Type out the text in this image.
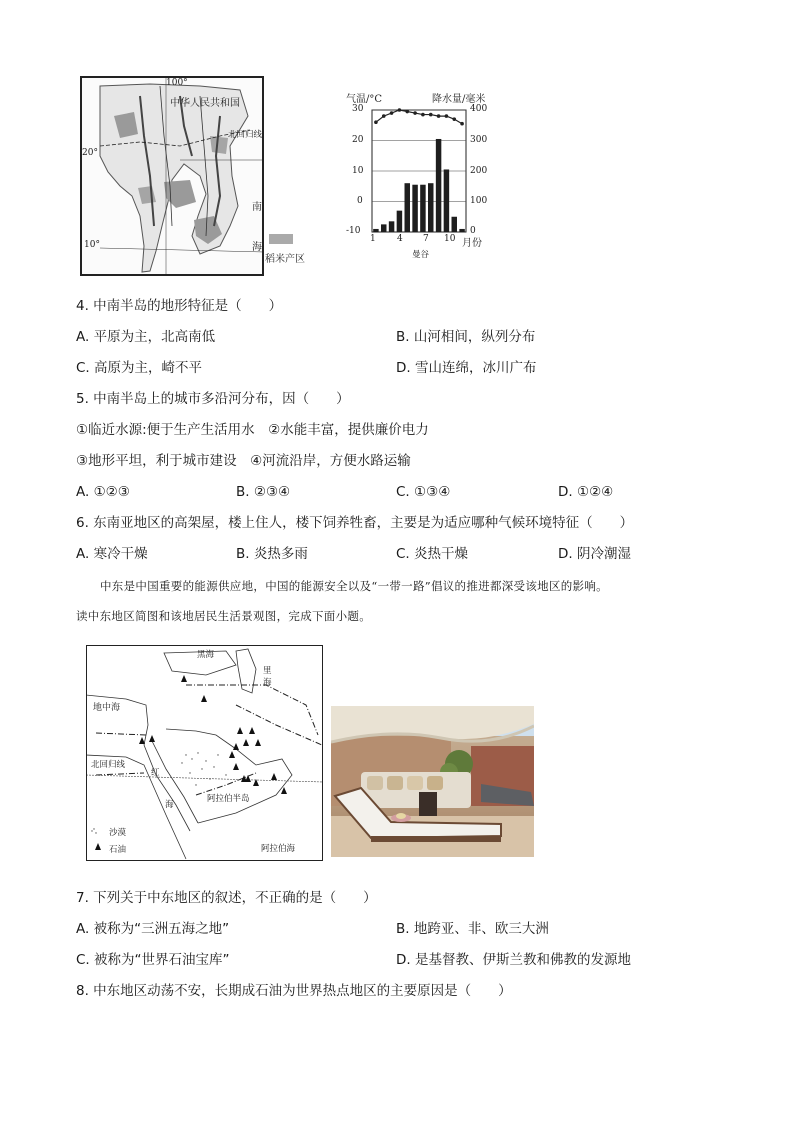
100°
20°
10°
中华人民共和国
北回归线
南
海
稻米产区
气温/°C	降水量/毫米
30
20
10
0
-10
400
300
200
100
0
1 4 7 10 月份
曼谷
4. 中南半岛的地形特征是（　　）
A. 平原为主，北高南低	B. 山河相间，纵列分布
C. 高原为主，崎不平	D. 雪山连绵，冰川广布
5. 中南半岛上的城市多沿河分布，因（　　）
①临近水源:便于生产生活用水　②水能丰富，提供廉价电力
③地形平坦，利于城市建设　④河流沿岸，方便水路运输
A. ①②③	B. ②③④	C. ①③④	D. ①②④
6. 东南亚地区的高架屋，楼上住人，楼下饲养牲畜，主要是为适应哪种气候环境特征（　　）
A. 寒冷干燥	B. 炎热多雨	C. 炎热干燥	D. 阴冷潮湿
中东是中国重要的能源供应地，中国的能源安全以及“一带一路”倡议的推进都深受该地区的影响。
读中东地区简图和该地居民生活景观图，完成下面小题。
黑海
里
海
地中海
北回归线
红
海
阿拉伯半岛
阿拉伯海
沙漠
石油
7. 下列关于中东地区的叙述，不正确的是（　　）
A. 被称为“三洲五海之地”	B. 地跨亚、非、欧三大洲
C. 被称为“世界石油宝库”	D. 是基督教、伊斯兰教和佛教的发源地
8. 中东地区动荡不安，长期成石油为世界热点地区的主要原因是（　　）
